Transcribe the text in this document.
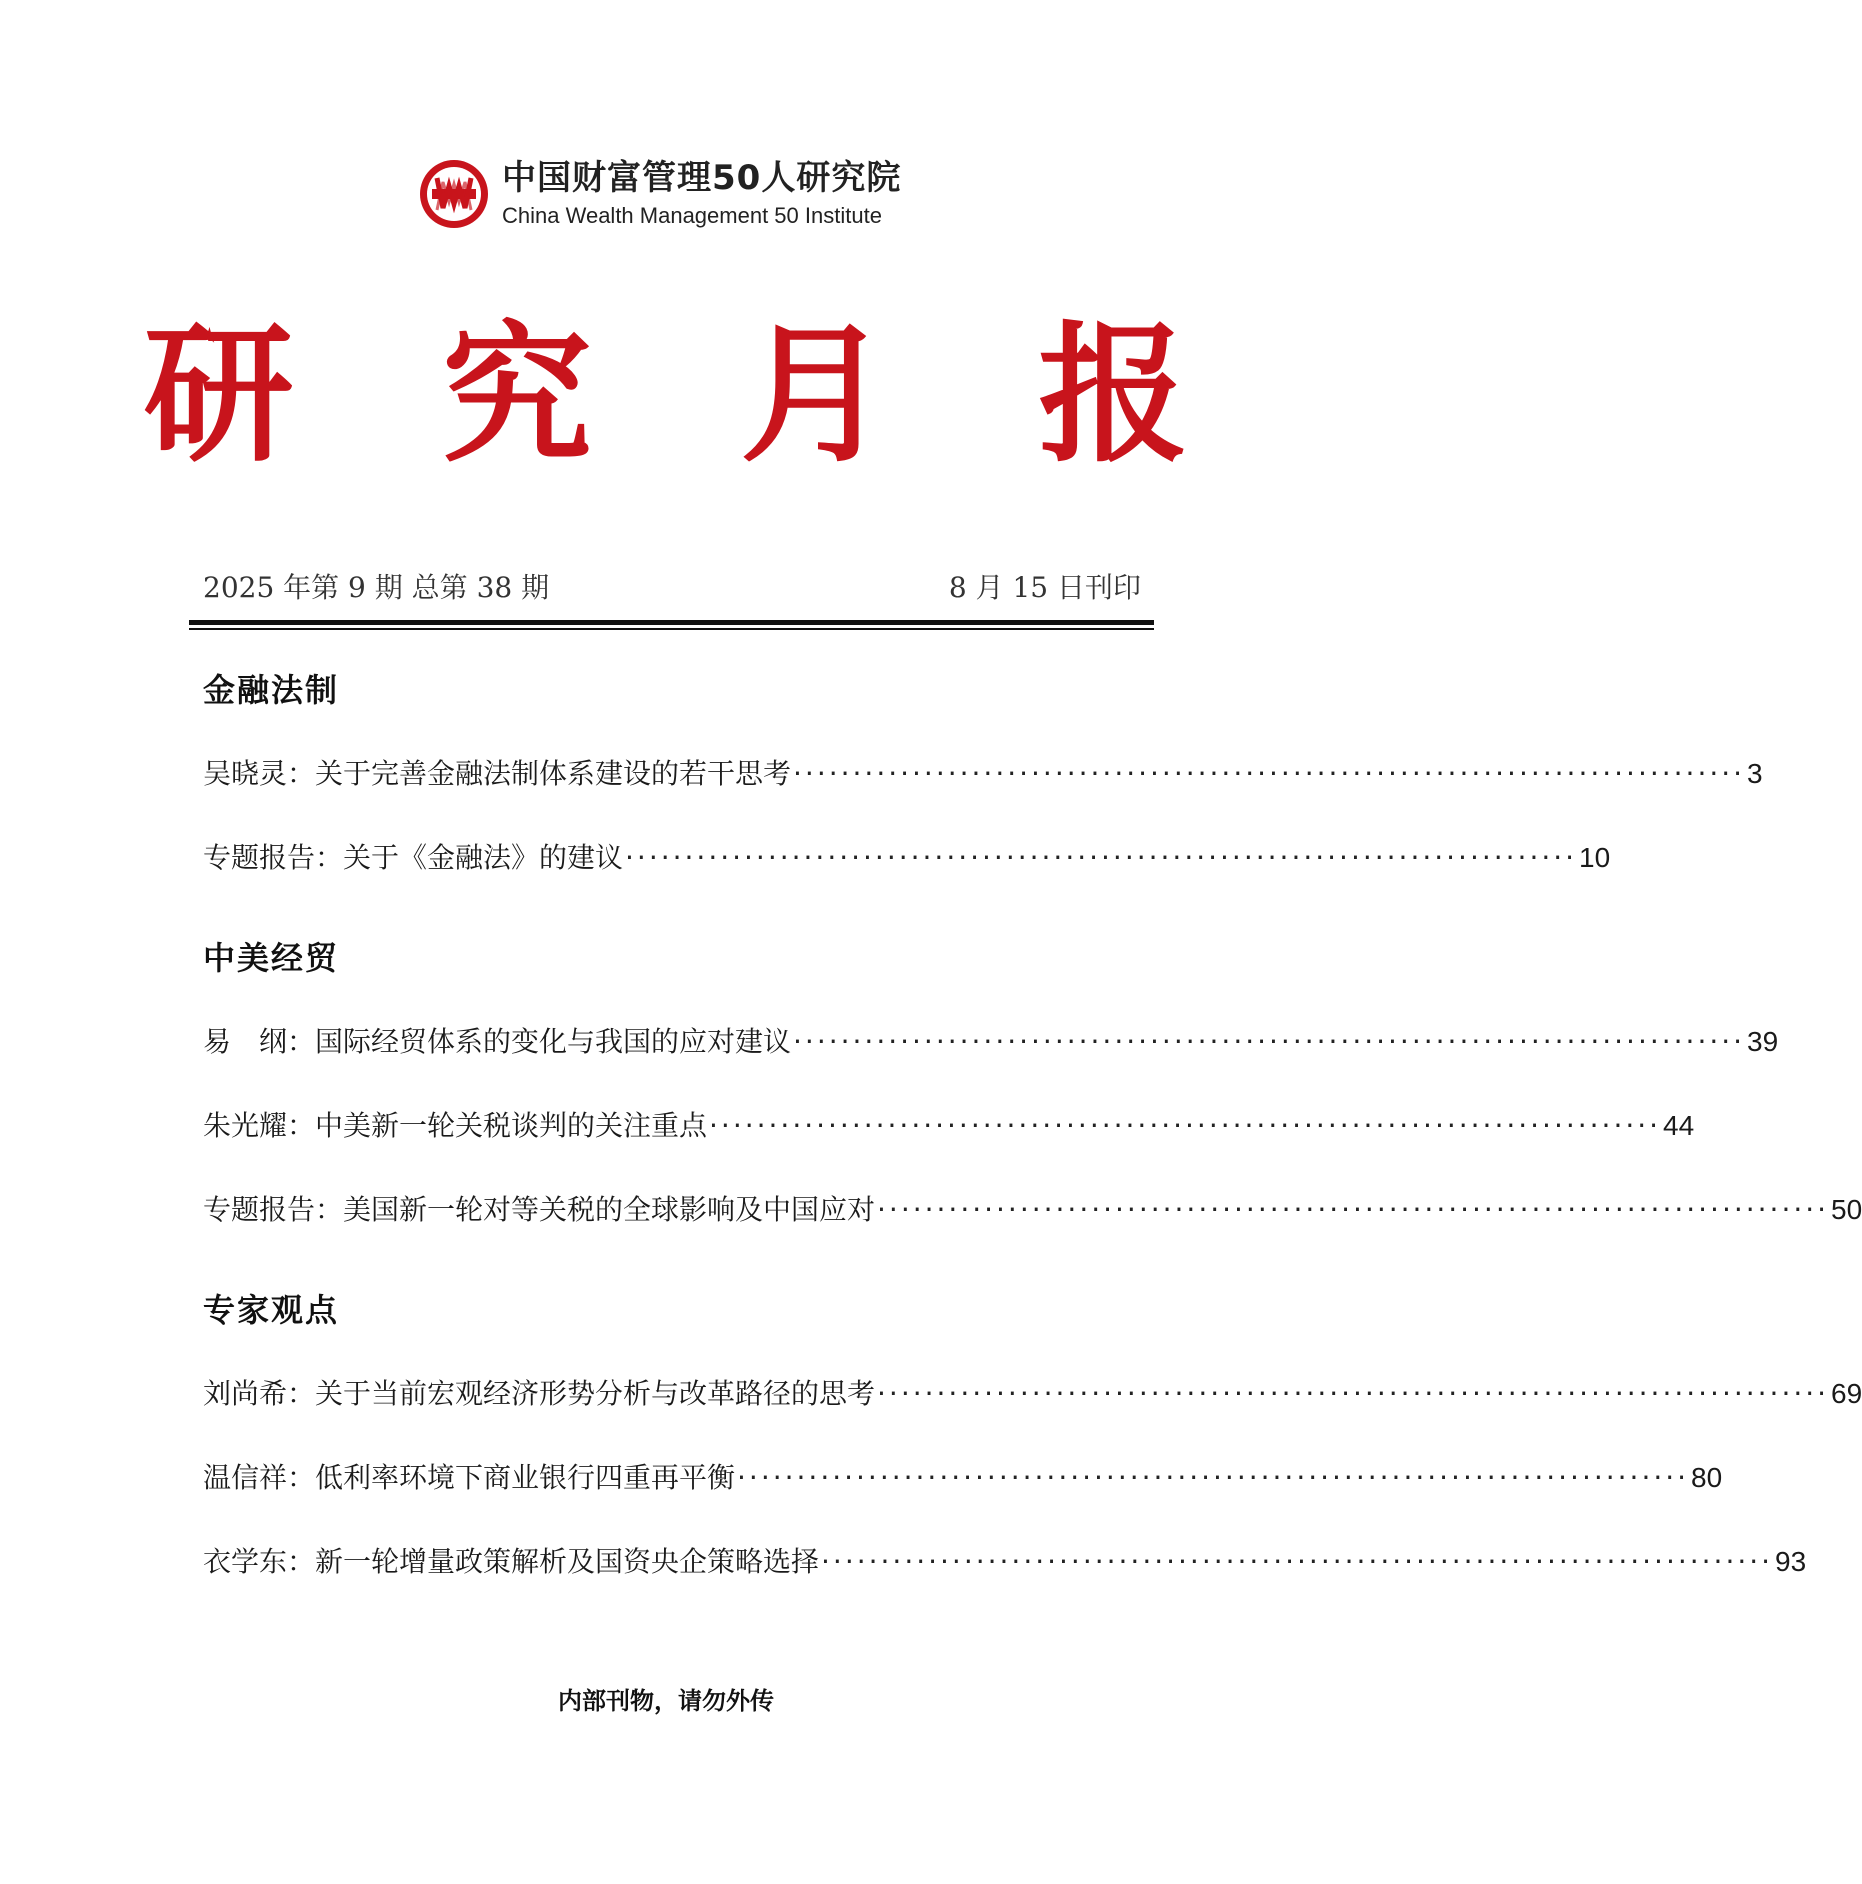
中国财富管理50人研究院
China Wealth Management 50 Institute
研 究 月 报
2025 年第 9 期 总第 38 期	8 月 15 日刊印
金融法制
吴晓灵：关于完善金融法制体系建设的若干思考 ················································································ 3
专题报告：关于《金融法》的建议 ················································································ 10
中美经贸
易　纲：国际经贸体系的变化与我国的应对建议 ················································································ 39
朱光耀：中美新一轮关税谈判的关注重点 ················································································ 44
专题报告：美国新一轮对等关税的全球影响及中国应对 ················································································ 50
专家观点
刘尚希：关于当前宏观经济形势分析与改革路径的思考 ················································································ 69
温信祥：低利率环境下商业银行四重再平衡 ················································································ 80
衣学东：新一轮增量政策解析及国资央企策略选择 ················································································ 93
内部刊物，请勿外传
